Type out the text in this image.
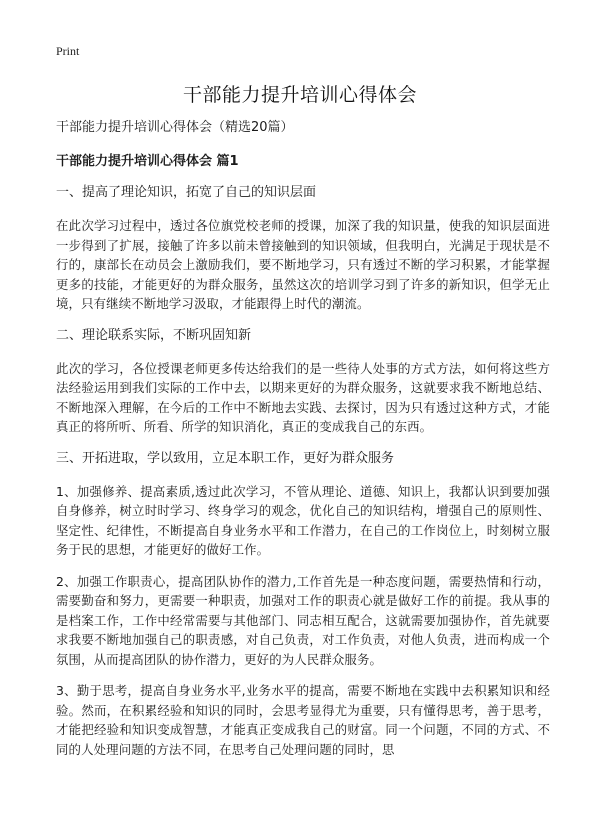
Print
干部能力提升培训心得体会

干部能力提升培训心得体会（精选20篇）

干部能力提升培训心得体会 篇1

一、提高了理论知识，拓宽了自己的知识层面

在此次学习过程中，透过各位旗党校老师的授课，加深了我的知识量，使我的知识层面进一步得到了扩展，接触了许多以前未曾接触到的知识领域，但我明白，光满足于现状是不行的，康部长在动员会上激励我们，要不断地学习，只有透过不断的学习积累，才能掌握更多的技能，才能更好的为群众服务，虽然这次的培训学习到了许多的新知识，但学无止境，只有继续不断地学习汲取，才能跟得上时代的潮流。

二、理论联系实际，不断巩固知新

此次的学习，各位授课老师更多传达给我们的是一些待人处事的方式方法，如何将这些方法经验运用到我们实际的工作中去，以期来更好的为群众服务，这就要求我不断地总结、不断地深入理解，在今后的工作中不断地去实践、去探讨，因为只有透过这种方式，才能真正的将所听、所看、所学的知识消化，真正的变成我自己的东西。

三、开拓进取，学以致用，立足本职工作，更好为群众服务

1、加强修养、提高素质,透过此次学习，不管从理论、道德、知识上，我都认识到要加强自身修养，树立时时学习、终身学习的观念，优化自己的知识结构，增强自己的原则性、坚定性、纪律性，不断提高自身业务水平和工作潜力，在自己的工作岗位上，时刻树立服务于民的思想，才能更好的做好工作。

2、加强工作职责心，提高团队协作的潜力,工作首先是一种态度问题，需要热情和行动，需要勤奋和努力，更需要一种职责，加强对工作的职责心就是做好工作的前提。我从事的是档案工作，工作中经常需要与其他部门、同志相互配合，这就需要加强协作，首先就要求我要不断地加强自己的职责感，对自己负责，对工作负责，对他人负责，进而构成一个氛围，从而提高团队的协作潜力，更好的为人民群众服务。

3、勤于思考，提高自身业务水平,业务水平的提高，需要不断地在实践中去积累知识和经验。然而，在积累经验和知识的同时，会思考显得尤为重要，只有懂得思考，善于思考，才能把经验和知识变成智慧，才能真正变成我自己的财富。同一个问题，不同的方式、不同的人处理问题的方法不同，在思考自己处理问题的同时，思
